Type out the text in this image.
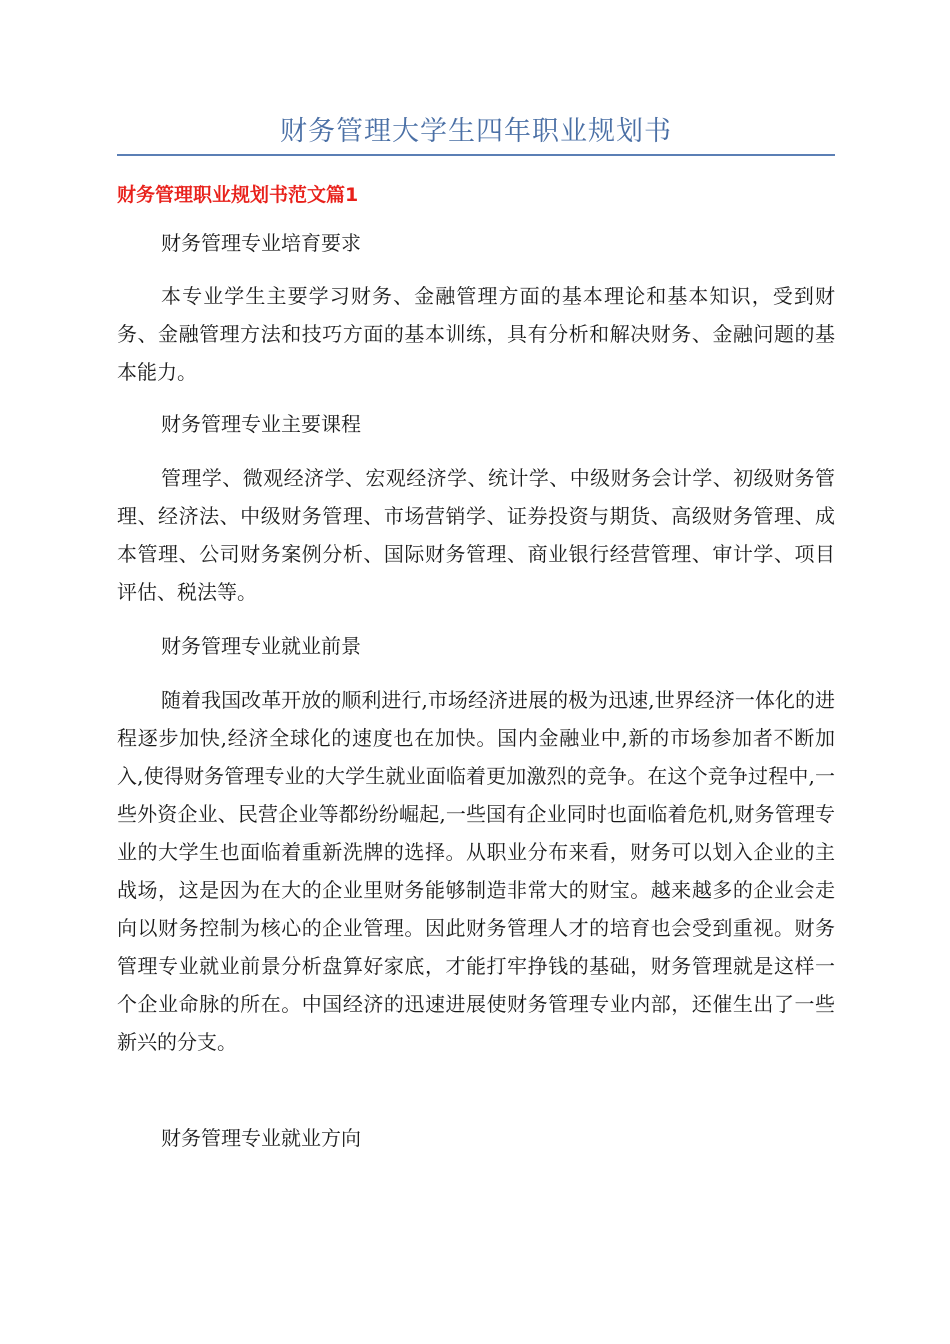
财务管理大学生四年职业规划书
财务管理职业规划书范文篇1

财务管理专业培育要求

本专业学生主要学习财务、金融管理方面的基本理论和基本知识，受到财务、金融管理方法和技巧方面的基本训练，具有分析和解决财务、金融问题的基本能力。

财务管理专业主要课程

管理学、微观经济学、宏观经济学、统计学、中级财务会计学、初级财务管理、经济法、中级财务管理、市场营销学、证券投资与期货、高级财务管理、成本管理、公司财务案例分析、国际财务管理、商业银行经营管理、审计学、项目评估、税法等。

财务管理专业就业前景

随着我国改革开放的顺利进行,市场经济进展的极为迅速,世界经济一体化的进程逐步加快,经济全球化的速度也在加快。国内金融业中,新的市场参加者不断加入,使得财务管理专业的大学生就业面临着更加激烈的竞争。在这个竞争过程中,一些外资企业、民营企业等都纷纷崛起,一些国有企业同时也面临着危机,财务管理专业的大学生也面临着重新洗牌的选择。从职业分布来看，财务可以划入企业的主战场，这是因为在大的企业里财务能够制造非常大的财宝。越来越多的企业会走向以财务控制为核心的企业管理。因此财务管理人才的培育也会受到重视。财务管理专业就业前景分析盘算好家底，才能打牢挣钱的基础，财务管理就是这样一个企业命脉的所在。中国经济的迅速进展使财务管理专业内部，还催生出了一些新兴的分支。

财务管理专业就业方向
